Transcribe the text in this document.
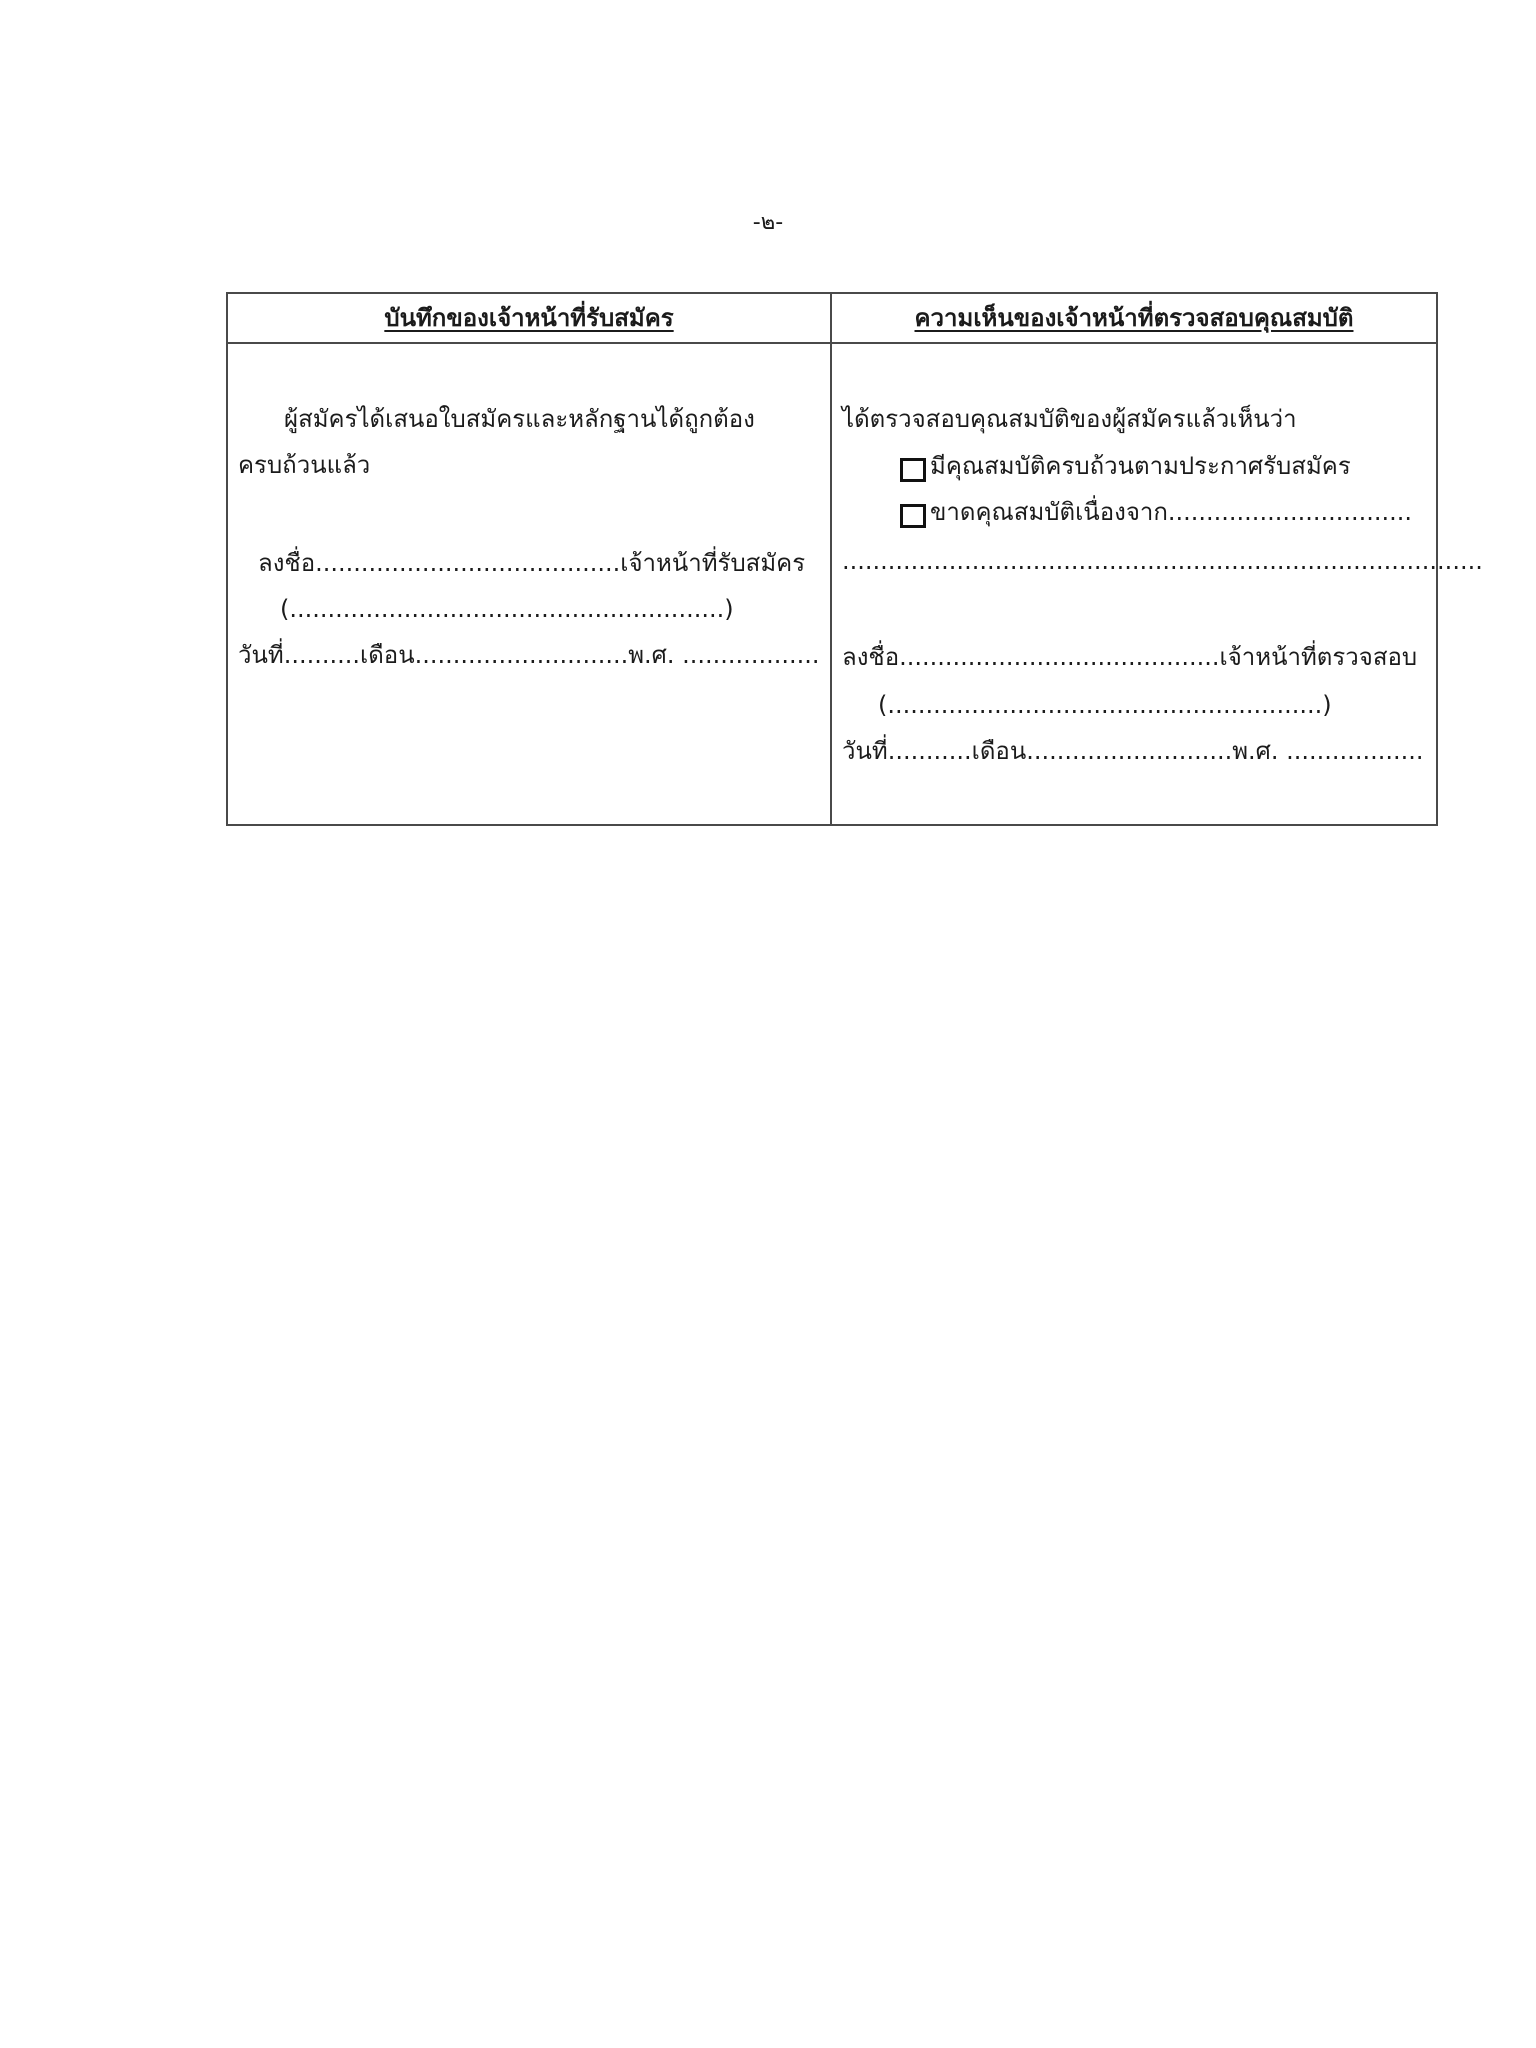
-๒-
บันทึกของเจ้าหน้าที่รับสมัคร	ความเห็นของเจ้าหน้าที่ตรวจสอบคุณสมบัติ
ผู้สมัครได้เสนอใบสมัครและหลักฐานได้ถูกต้อง
ครบถ้วนแล้ว
ลงชื่อ........................................เจ้าหน้าที่รับสมัคร
(.........................................................)
วันที่..........เดือน............................พ.ศ. ..................
ได้ตรวจสอบคุณสมบัติของผู้สมัครแล้วเห็นว่า
มีคุณสมบัติครบถ้วนตามประกาศรับสมัคร
ขาดคุณสมบัติเนื่องจาก................................
....................................................................................
ลงชื่อ..........................................เจ้าหน้าที่ตรวจสอบ
(.........................................................)
วันที่...........เดือน...........................พ.ศ. ..................
